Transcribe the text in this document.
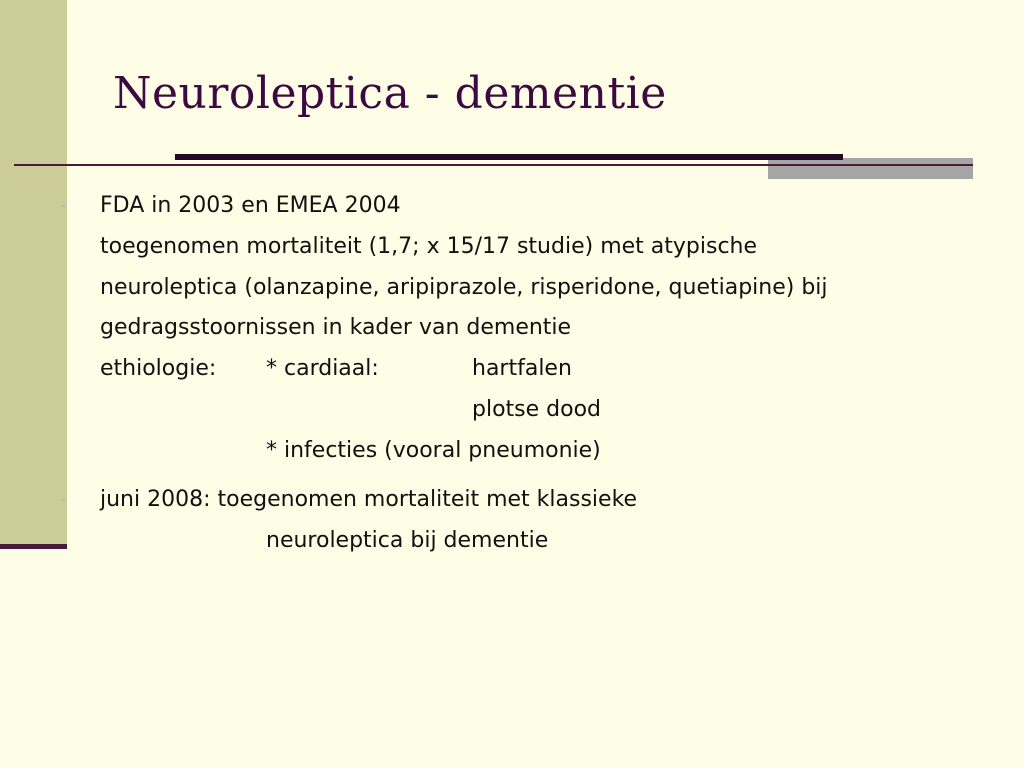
Neuroleptica - dementie
- FDA in 2003 en EMEA 2004
toegenomen mortaliteit (1,7; x 15/17 studie) met atypische
neuroleptica (olanzapine, aripiprazole, risperidone, quetiapine) bij
gedragsstoornissen in kader van dementie
ethiologie: * cardiaal:	hartfalen
plotse dood
* infecties (vooral pneumonie)
- juni 2008: toegenomen mortaliteit met klassieke
neuroleptica bij dementie
